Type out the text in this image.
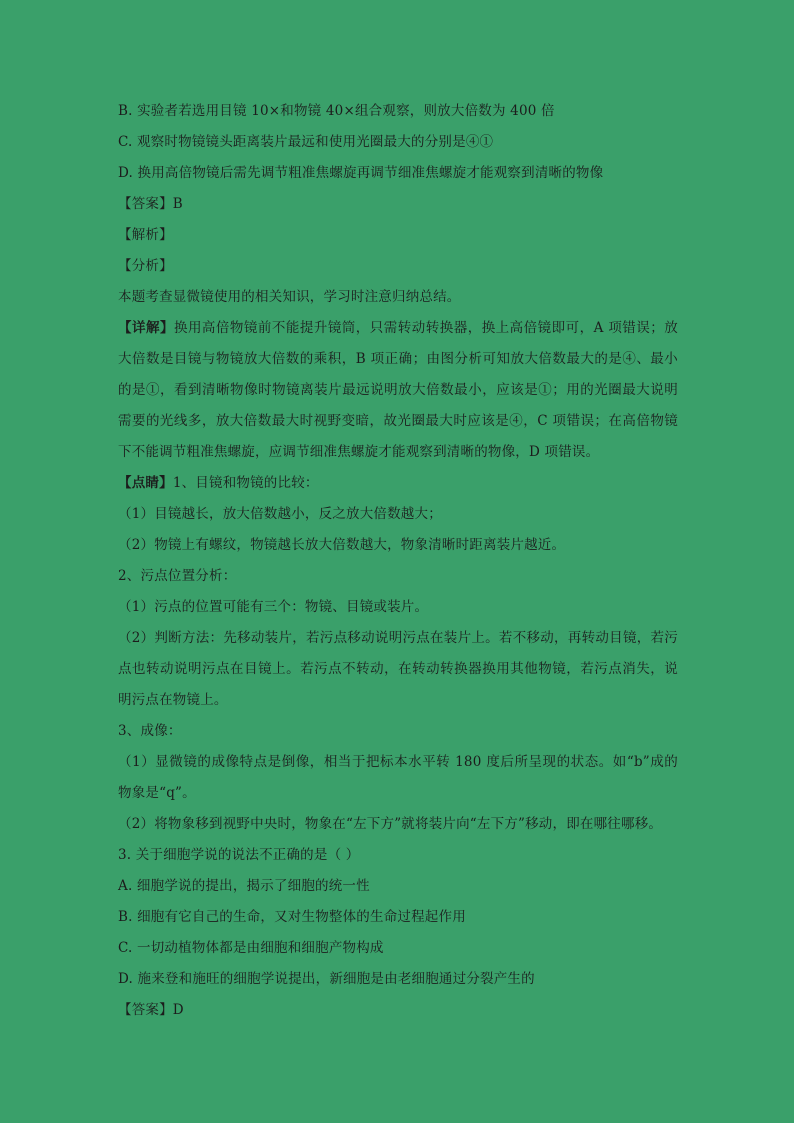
B. 实验者若选用目镜 10×和物镜 40×组合观察，则放大倍数为 400 倍
C. 观察时物镜镜头距离装片最远和使用光圈最大的分别是④①
D. 换用高倍物镜后需先调节粗准焦螺旋再调节细准焦螺旋才能观察到清晰的物像
【答案】B
【解析】
【分析】
本题考查显微镜使用的相关知识，学习时注意归纳总结。
【详解】换用高倍物镜前不能提升镜筒，只需转动转换器，换上高倍镜即可，A 项错误；放大倍数是目镜与物镜放大倍数的乘积，B 项正确；由图分析可知放大倍数最大的是④、最小的是①，看到清晰物像时物镜离装片最远说明放大倍数最小，应该是①；用的光圈最大说明需要的光线多，放大倍数最大时视野变暗，故光圈最大时应该是④，C 项错误；在高倍物镜下不能调节粗准焦螺旋，应调节细准焦螺旋才能观察到清晰的物像，D 项错误。
【点睛】1、目镜和物镜的比较：
（1）目镜越长，放大倍数越小，反之放大倍数越大；
（2）物镜上有螺纹，物镜越长放大倍数越大，物象清晰时距离装片越近。
2、污点位置分析：
（1）污点的位置可能有三个：物镜、目镜或装片。
（2）判断方法：先移动装片，若污点移动说明污点在装片上。若不移动，再转动目镜，若污点也转动说明污点在目镜上。若污点不转动，在转动转换器换用其他物镜，若污点消失，说明污点在物镜上。
3、成像：
（1）显微镜的成像特点是倒像，相当于把标本水平转 180 度后所呈现的状态。如“b”成的物象是“q”。
（2）将物象移到视野中央时，物象在“左下方”就将装片向“左下方”移动，即在哪往哪移。
3. 关于细胞学说的说法不正确的是（ ）
A. 细胞学说的提出，揭示了细胞的统一性
B. 细胞有它自己的生命，又对生物整体的生命过程起作用
C. 一切动植物体都是由细胞和细胞产物构成
D. 施来登和施旺的细胞学说提出，新细胞是由老细胞通过分裂产生的
【答案】D
